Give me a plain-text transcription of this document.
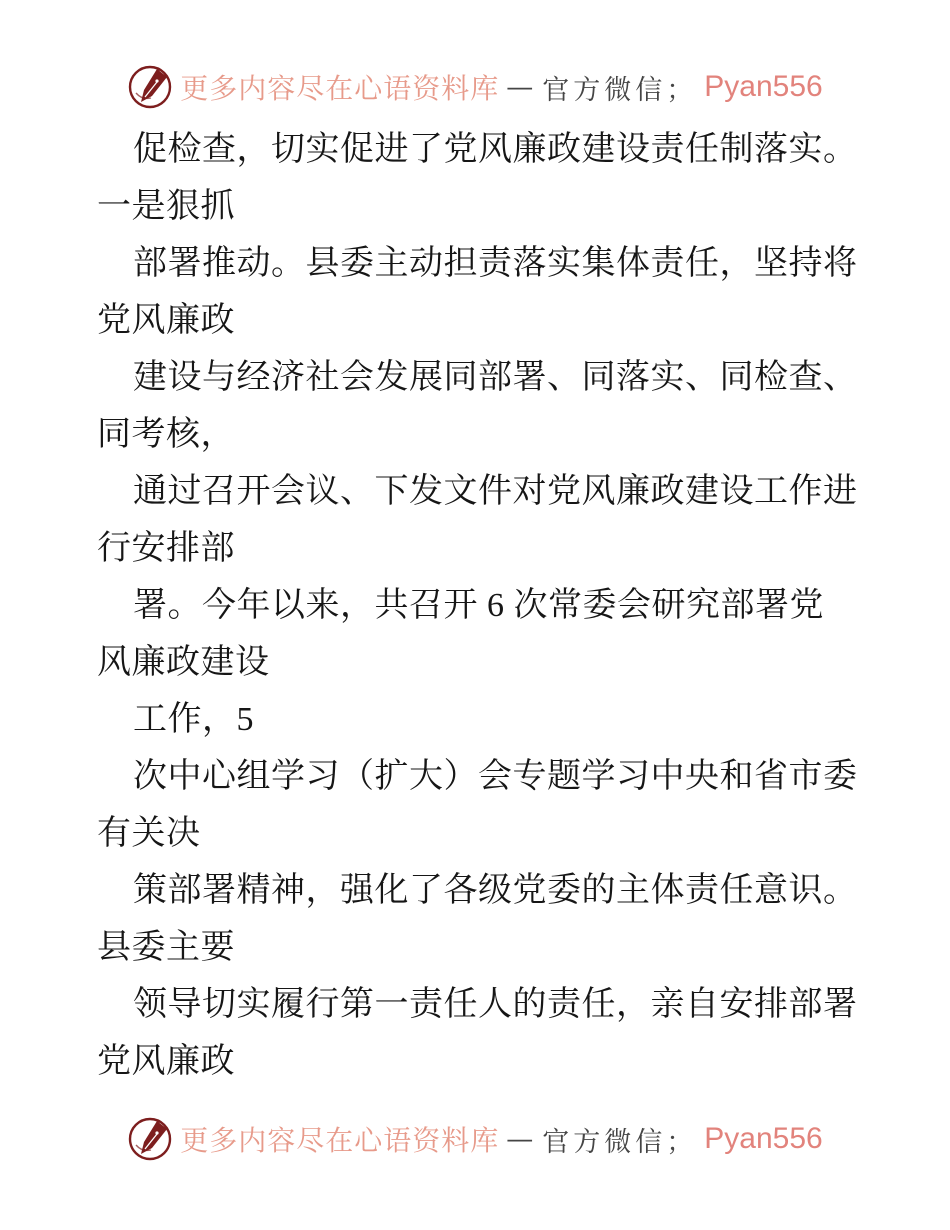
更多内容尽在心语资料库 — 官方微信； Pyan556
促检查，切实促进了党风廉政建设责任制落实。
一是狠抓
部署推动。县委主动担责落实集体责任，坚持将
党风廉政
建设与经济社会发展同部署、同落实、同检查、
同考核，
通过召开会议、下发文件对党风廉政建设工作进
行安排部
署。今年以来，共召开 6 次常委会研究部署党
风廉政建设
工作，5
次中心组学习（扩大）会专题学习中央和省市委
有关决
策部署精神，强化了各级党委的主体责任意识。
县委主要
领导切实履行第一责任人的责任，亲自安排部署
党风廉政
更多内容尽在心语资料库 — 官方微信； Pyan556
